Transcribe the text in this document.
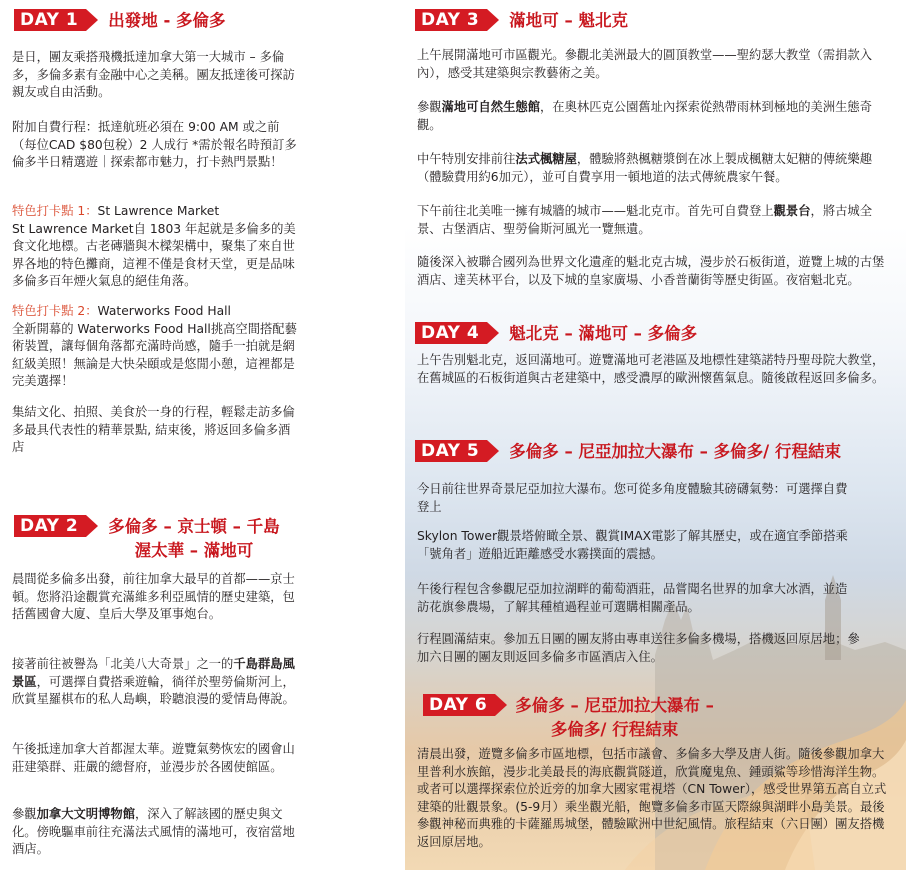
DAY 1	出發地 - 多倫多

是日，團友乘搭飛機抵達加拿大第一大城市 – 多倫多，多倫多素有金融中心之美稱。團友抵達後可探訪親友或自由活動。

附加自費行程：抵達航班必須在 9:00 AM 或之前（每位CAD $80包稅）2 人成行 *需於報名時預訂多倫多半日精選遊｜探索都市魅力，打卡熱門景點！

特色打卡點 1：St Lawrence Market
St Lawrence Market自 1803 年起就是多倫多的美食文化地標。古老磚牆與木樑架構中，聚集了來自世界各地的特色攤商，這裡不僅是食材天堂，更是品味多倫多百年煙火氣息的絕佳角落。

特色打卡點 2：Waterworks Food Hall
全新開幕的 Waterworks Food Hall挑高空間搭配藝術裝置，讓每個角落都充滿時尚感，隨手一拍就是網紅級美照！無論是大快朵頤或是悠閒小憩，這裡都是完美選擇！

集結文化、拍照、美食於一身的行程，輕鬆走訪多倫多最具代表性的精華景點, 結束後，將返回多倫多酒店

DAY 2	多倫多 – 京士頓 – 千島
渥太華 – 滿地可

晨間從多倫多出發，前往加拿大最早的首都——京士頓。您將沿途觀賞充滿維多利亞風情的歷史建築，包括舊國會大廈、皇后大學及軍事炮台。

接著前往被譽為「北美八大奇景」之一的千島群島風景區，可選擇自費搭乘遊輪，徜徉於聖勞倫斯河上，欣賞星羅棋布的私人島嶼，聆聽浪漫的愛情島傳說。

午後抵達加拿大首都渥太華。遊覽氣勢恢宏的國會山莊建築群、莊嚴的總督府，並漫步於各國使館區。

參觀加拿大文明博物館，深入了解該國的歷史與文化。傍晚驅車前往充滿法式風情的滿地可，夜宿當地酒店。

DAY 3	滿地可 – 魁北克

上午展開滿地可市區觀光。參觀北美洲最大的圓頂教堂——聖約瑟大教堂（需捐款入內），感受其建築與宗教藝術之美。

參觀滿地可自然生態館，在奧林匹克公園舊址內探索從熱帶雨林到極地的美洲生態奇觀。

中午特別安排前往法式楓糖屋，體驗將熱楓糖漿倒在冰上製成楓糖太妃糖的傳統樂趣（體驗費用約6加元），並可自費享用一頓地道的法式傳統農家午餐。

下午前往北美唯一擁有城牆的城市——魁北克市。首先可自費登上觀景台，將古城全景、古堡酒店、聖勞倫斯河風光一覽無遺。

隨後深入被聯合國列為世界文化遺產的魁北克古城，漫步於石板街道，遊覽上城的古堡酒店、達芙林平台，以及下城的皇家廣場、小香普蘭街等歷史街區。夜宿魁北克。

DAY 4	魁北克 – 滿地可 – 多倫多

上午告別魁北克，返回滿地可。遊覽滿地可老港區及地標性建築諾特丹聖母院大教堂，在舊城區的石板街道與古老建築中，感受濃厚的歐洲懷舊氣息。隨後啟程返回多倫多。

DAY 5	多倫多 – 尼亞加拉大瀑布 – 多倫多/ 行程結束

今日前往世界奇景尼亞加拉大瀑布。您可從多角度體驗其磅礴氣勢：可選擇自費登上

Skylon Tower觀景塔俯瞰全景、觀賞IMAX電影了解其歷史，或在適宜季節搭乘「號角者」遊船近距離感受水霧撲面的震撼。

午後行程包含參觀尼亞加拉湖畔的葡萄酒莊，品嘗聞名世界的加拿大冰酒，並造訪花旗參農場，了解其種植過程並可選購相關產品。

行程圓滿結束。參加五日團的團友將由專車送往多倫多機場，搭機返回原居地；參加六日團的團友則返回多倫多市區酒店入住。

DAY 6	多倫多 – 尼亞加拉大瀑布 –
多倫多/ 行程結束

清晨出發，遊覽多倫多市區地標，包括市議會、多倫多大學及唐人街。隨後參觀加拿大里普利水族館，漫步北美最長的海底觀賞隧道，欣賞魔鬼魚、鍾頭鯊等珍惜海洋生物。或者可以選擇探索位於近旁的加拿大國家電視塔（CN Tower），感受世界第五高自立式建築的壯觀景象。(5-9月）乘坐觀光船，飽覽多倫多市區天際線與湖畔小島美景。最後參觀神秘而典雅的卡薩羅馬城堡，體驗歐洲中世紀風情。旅程結束（六日團）團友搭機返回原居地。
